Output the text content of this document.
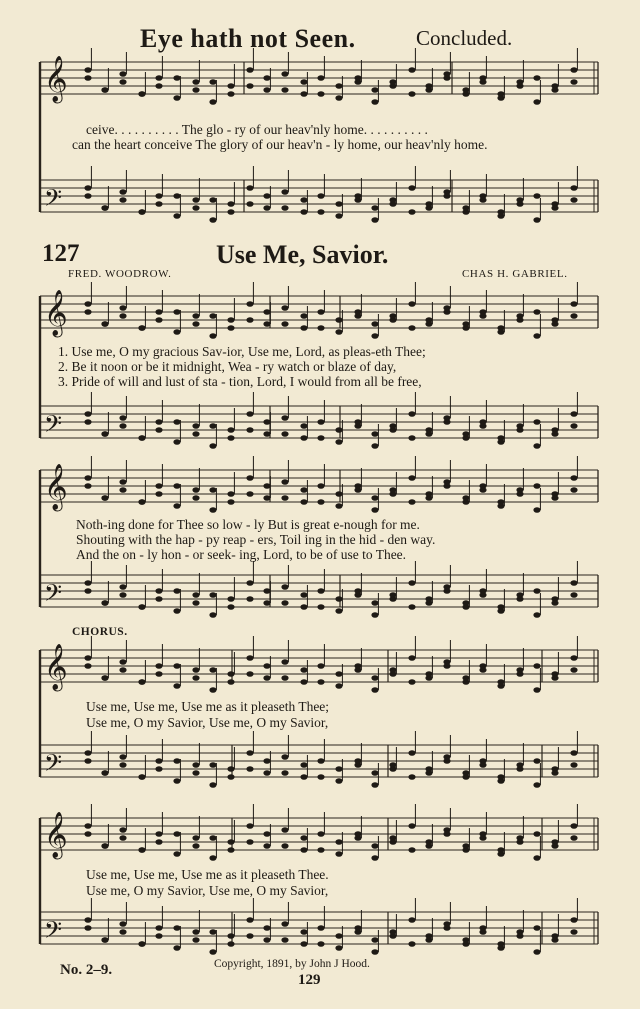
Eye hath not Seen.	Concluded.
𝄞
𝄢
𝄞
𝄢
𝄞
𝄢
𝄞
𝄢
𝄞
𝄢
ceive. . . . . . . . . . The glo - ry of our heav'nly home. . . . . . . . . .
can the heart conceive The glory of our heav'n - ly home, our heav'nly home.
127	Use Me, Savior.
FRED. WOODROW.	CHAS H. GABRIEL.
1. Use me, O my gracious Sav-ior, Use me, Lord, as pleas-eth Thee;
2. Be it noon or be it midnight, Wea - ry watch or blaze of day,
3. Pride of will and lust of sta - tion, Lord, I would from all be free,
Noth-ing done for Thee so low - ly But is great e-nough for me.
Shouting with the hap - py reap - ers, Toil ing in the hid - den way.
And the on - ly hon - or seek- ing, Lord, to be of use to Thee.
CHORUS.
Use me, Use me, Use me as it pleaseth Thee;
Use me, O my Savior, Use me, O my Savior,
Use me, Use me, Use me as it pleaseth Thee.
Use me, O my Savior, Use me, O my Savior,
No. 2–9.	Copyright, 1891, by John J Hood.
129
